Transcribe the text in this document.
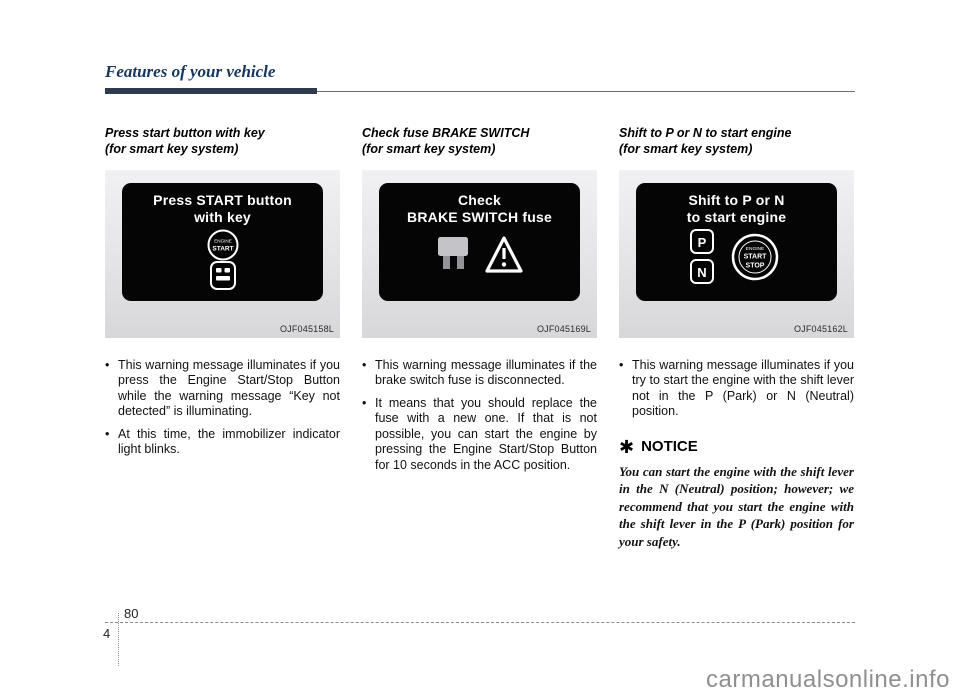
Features of your vehicle
Press start button with key
(for smart key system)
Press START button
with key
ENGINE
START
OJF045158L
• This warning message illuminates if you press the Engine Start/Stop Button while the warning message “Key not detected” is illuminating.
• At this time, the immobilizer indicator light blinks.
Check fuse BRAKE SWITCH
(for smart key system)
Check
BRAKE SWITCH fuse
OJF045169L
• This warning message illuminates if the brake switch fuse is disconnected.
• It means that you should replace the fuse with a new one. If that is not possible, you can start the engine by pressing the Engine Start/Stop Button for 10 seconds in the ACC position.
Shift to P or N to start engine
(for smart key system)
Shift to P or N
to start engine
P
N
ENGINE
START
STOP
OJF045162L
• This warning message illuminates if you try to start the engine with the shift lever not in the P (Park) or N (Neutral) position.
✱ NOTICE
You can start the engine with the shift lever in the N (Neutral) position; however; we recommend that you start the engine with the shift lever in the P (Park) position for your safety.
4
80
carmanualsonline.info
